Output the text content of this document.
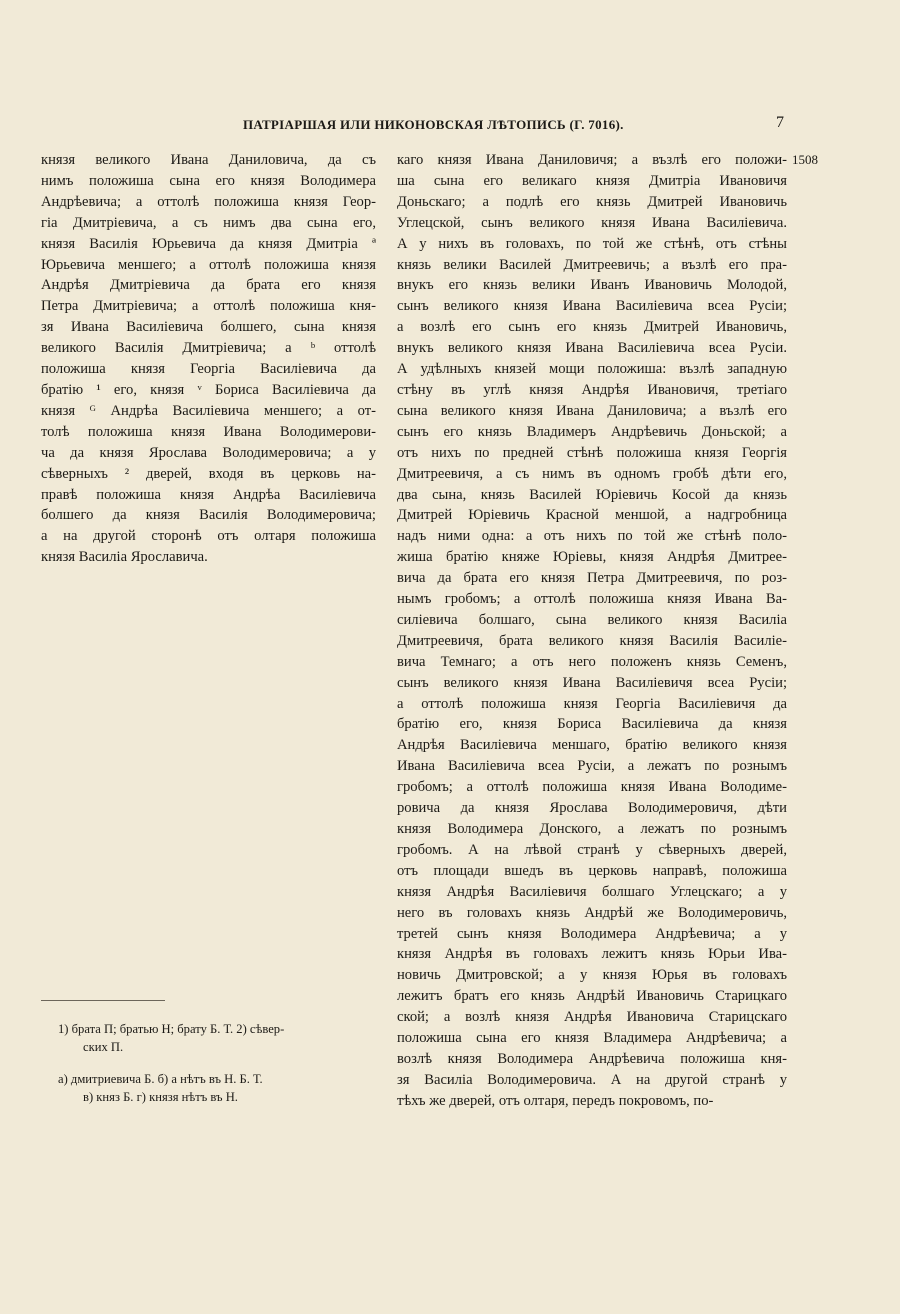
ПАТРІАРШАЯ ИЛИ НИКОНОВСКАЯ ЛѢТОПИСЬ (Г. 7016).	7
князя великого Ивана Даниловича, да съ
нимъ положиша сына его князя Володимера
Андрѣевича; а оттолѣ положиша князя Геор-
гіа Дмитріевича, а съ нимъ два сына его,
князя Василія Юрьевича да князя Дмитріа ª
Юрьевича меншего; а оттолѣ положиша князя
Андрѣя Дмитріевича да брата его князя
Петра Дмитріевича; а оттолѣ положиша кня-
зя Ивана Василіевича болшего, сына князя
великого Василія Дмитріевича; а ᵇ оттолѣ
положиша князя Георгіа Василіевича да
братію ¹ его, князя ᵛ Бориса Василіевича да
князя ᴳ Андрѣа Василіевича меншего; а от-
толѣ положиша князя Ивана Володимерови-
ча да князя Ярослава Володимеровича; а у
сѣверныхъ ² дверей, входя въ церковь на-
правѣ положиша князя Андрѣа Василіевича
болшего да князя Василія Володимеровича;
а на другой сторонѣ отъ олтаря положиша
князя Василіа Ярославича.
1508
каго князя Ивана Даниловичя; а възлѣ его положи-
ша сына его великаго князя Дмитріа Ивановичя
Доньскаго; а подлѣ его князь Дмитрей Ивановичь
Углецской, сынъ великого князя Ивана Василіевича.
А у нихъ въ головахъ, по той же стѣнѣ, отъ стѣны
князь велики Василей Дмитреевичь; а възлѣ его пра-
внукъ его князь велики Иванъ Ивановичь Молодой,
сынъ великого князя Ивана Василіевича всеа Русіи;
а возлѣ его сынъ его князь Дмитрей Ивановичь,
внукъ великого князя Ивана Василіевича всеа Русіи.
А удѣлныхъ князей мощи положиша: възлѣ западную
стѣну въ углѣ князя Андрѣя Ивановичя, третіаго
сына великого князя Ивана Даниловича; а възлѣ его
сынъ его князь Владимеръ Андрѣевичь Доньской; а
отъ нихъ по предней стѣнѣ положиша князя Георгія
Дмитреевичя, а съ нимъ въ одномъ гробѣ дѣти его,
два сына, князь Василей Юріевичь Косой да князь
Дмитрей Юріевичь Красной меншой, а надгробница
надъ ними одна: а отъ нихъ по той же стѣнѣ поло-
жиша братію княже Юріевы, князя Андрѣя Дмитрее-
вича да брата его князя Петра Дмитреевичя, по роз-
нымъ гробомъ; а оттолѣ положиша князя Ивана Ва-
силіевича болшаго, сына великого князя Василіа
Дмитреевичя, брата великого князя Василія Василіе-
вича Темнаго; а отъ него положенъ князь Семенъ,
сынъ великого князя Ивана Василіевичя всеа Русіи;
а оттолѣ положиша князя Георгіа Василіевичя да
братію его, князя Бориса Василіевича да князя
Андрѣя Василіевича меншаго, братію великого князя
Ивана Василіевича всеа Русіи, а лежатъ по рознымъ
гробомъ; а оттолѣ положиша князя Ивана Володиме-
ровича да князя Ярослава Володимеровичя, дѣти
князя Володимера Донского, а лежатъ по рознымъ
гробомъ. А на лѣвой странѣ у сѣверныхъ дверей,
отъ площади вшедъ въ церковь направѣ, положиша
князя Андрѣя Василіевичя болшаго Углецскаго; а у
него въ головахъ князь Андрѣй же Володимеровичь,
третей сынъ князя Володимера Андрѣевича; а у
князя Андрѣя въ головахъ лежитъ князь Юрьи Ива-
новичь Дмитровской; а у князя Юрья въ головахъ
лежитъ братъ его князь Андрѣй Ивановичь Старицкаго
ской; а возлѣ князя Андрѣя Ивановича Старицскаго
положиша сына его князя Владимера Андрѣевича; а
возлѣ князя Володимера Андрѣевича положиша кня-
зя Василіа Володимеровича. А на другой странѣ у
тѣхъ же дверей, отъ олтаря, передъ покровомъ, по-
1) брата П; братью Н; брату Б. Т. 2) сѣвер-
ских П.
а) дмитриевича Б. б) а нѣтъ въ Н. Б. Т.
в) княз Б. г) князя нѣтъ въ Н.
